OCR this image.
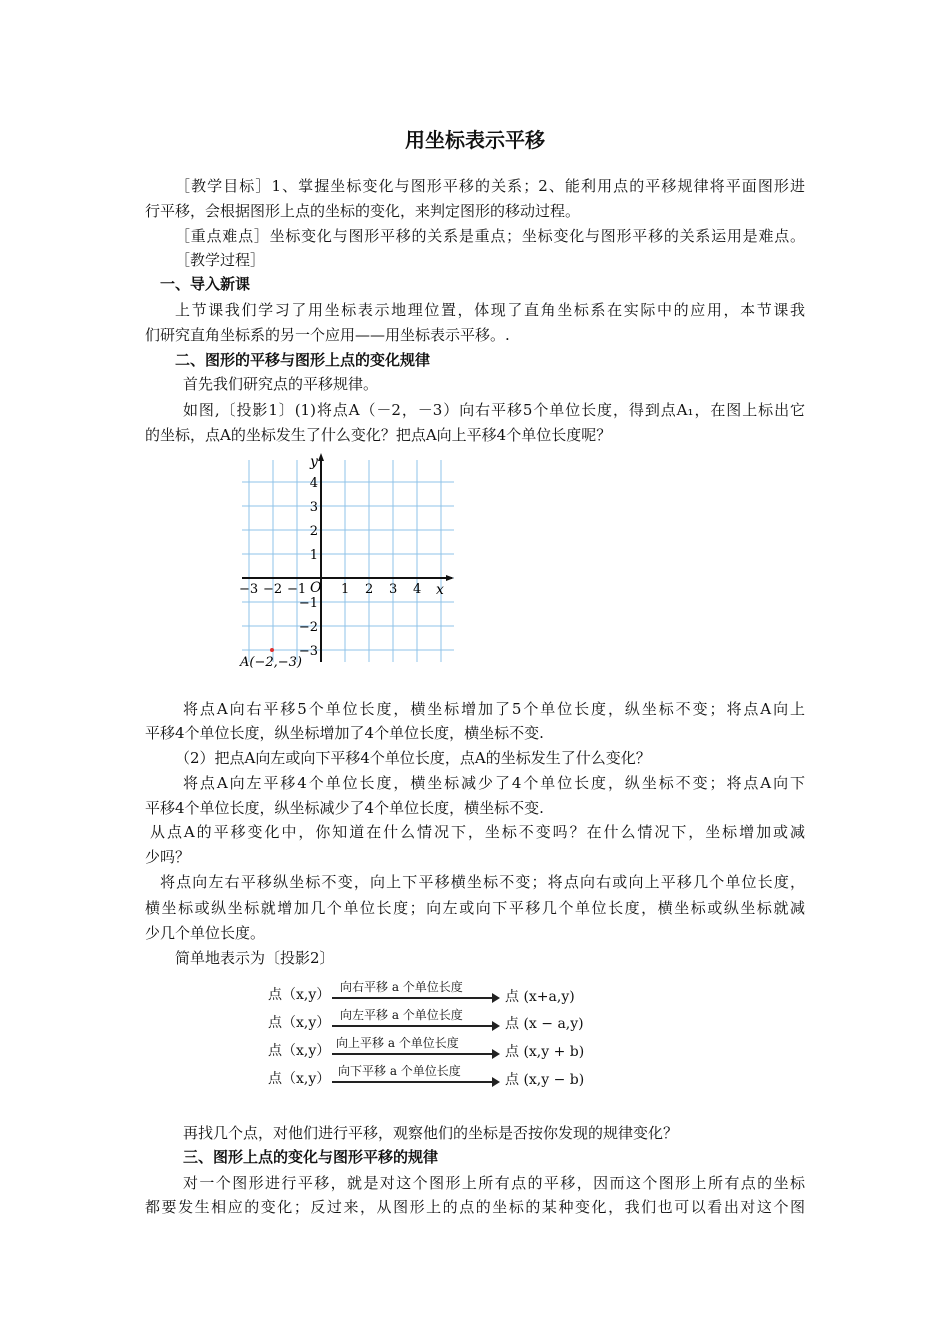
用坐标表示平移
［教学目标］1、掌握坐标变化与图形平移的关系；2、能利用点的平移规律将平面图形进
行平移，会根据图形上点的坐标的变化，来判定图形的移动过程。
［重点难点］坐标变化与图形平移的关系是重点；坐标变化与图形平移的关系运用是难点。
［教学过程］
一、导入新课
上节课我们学习了用坐标表示地理位置，体现了直角坐标系在实际中的应用，本节课我
们研究直角坐标系的另一个应用——用坐标表示平移。.
二、图形的平移与图形上点的变化规律
首先我们研究点的平移规律。
如图,〔投影1〕(1)将点A（－2，－3）向右平移5个单位长度，得到点A₁，在图上标出它
的坐标，点A的坐标发生了什么变化？把点A向上平移4个单位长度呢？
y
x
O
−3 −2 −1	1 2 3 4
4
3
2
1
−1
−2
−3
A(−2,−3)
将点A向右平移5个单位长度，横坐标增加了5个单位长度，纵坐标不变；将点A向上
平移4个单位长度，纵坐标增加了4个单位长度，横坐标不变.
（2）把点A向左或向下平移4个单位长度，点A的坐标发生了什么变化？
将点A向左平移4个单位长度，横坐标减少了4个单位长度，纵坐标不变；将点A向下
平移4个单位长度，纵坐标减少了4个单位长度，横坐标不变.
从点A的平移变化中，你知道在什么情况下，坐标不变吗？在什么情况下，坐标增加或减
少吗？
将点向左右平移纵坐标不变，向上下平移横坐标不变；将点向右或向上平移几个单位长度，
横坐标或纵坐标就增加几个单位长度；向左或向下平移几个单位长度，横坐标或纵坐标就减
少几个单位长度。
简单地表示为〔投影2〕
点（x,y） 向右平移 a 个单位长度
点 (x+a,y)
点（x,y） 向左平移 a 个单位长度
点 (x − a,y)
点（x,y） 向上平移 a 个单位长度
点 (x,y + b)
点（x,y） 向下平移 a 个单位长度
点 (x,y − b)
再找几个点，对他们进行平移，观察他们的坐标是否按你发现的规律变化？
三、图形上点的变化与图形平移的规律
对一个图形进行平移，就是对这个图形上所有点的平移，因而这个图形上所有点的坐标
都要发生相应的变化；反过来，从图形上的点的坐标的某种变化，我们也可以看出对这个图
